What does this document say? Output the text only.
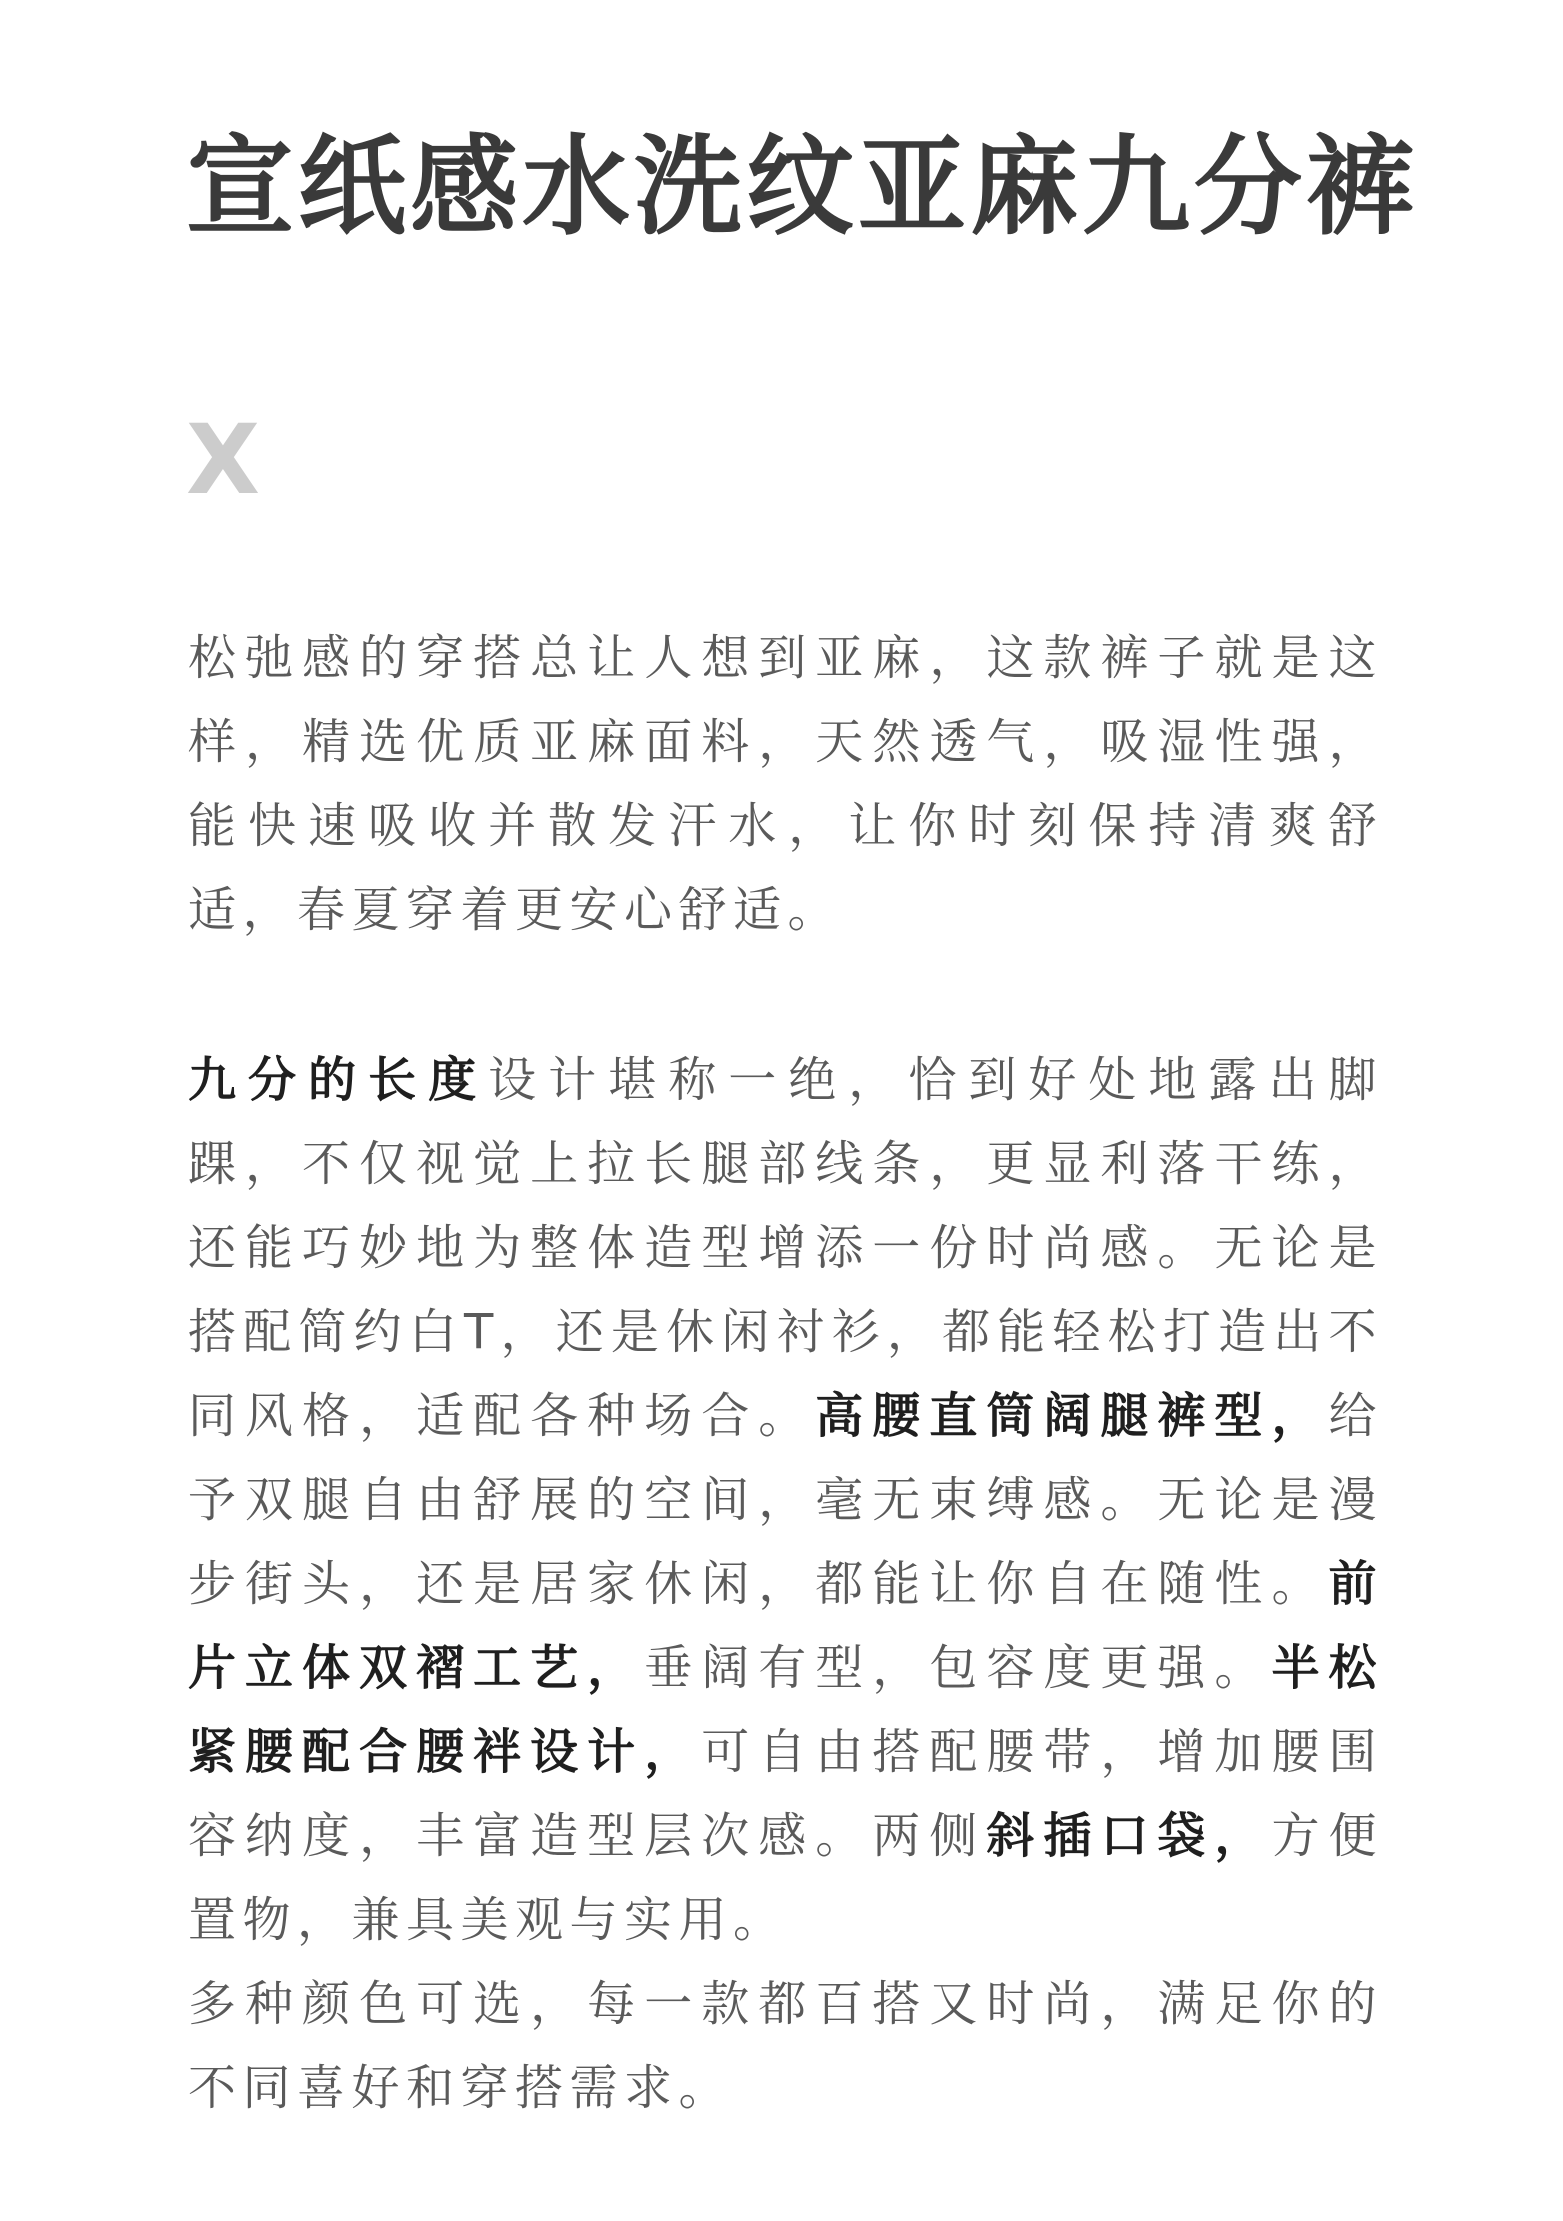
宣纸感水洗纹亚麻九分裤
X

松弛感的穿搭总让人想到亚麻，这款裤子就是这样，精选优质亚麻面料，天然透气，吸湿性强，能快速吸收并散发汗水，让你时刻保持清爽舒适，春夏穿着更安心舒适。

九分的长度设计堪称一绝，恰到好处地露出脚踝，不仅视觉上拉长腿部线条，更显利落干练，还能巧妙地为整体造型增添一份时尚感。无论是搭配简约白T，还是休闲衬衫，都能轻松打造出不同风格，适配各种场合。高腰直筒阔腿裤型，给予双腿自由舒展的空间，毫无束缚感。无论是漫步街头，还是居家休闲，都能让你自在随性。前片立体双褶工艺，垂阔有型，包容度更强。半松紧腰配合腰袢设计，可自由搭配腰带，增加腰围容纳度，丰富造型层次感。两侧斜插口袋，方便置物，兼具美观与实用。

多种颜色可选，每一款都百搭又时尚，满足你的不同喜好和穿搭需求。
